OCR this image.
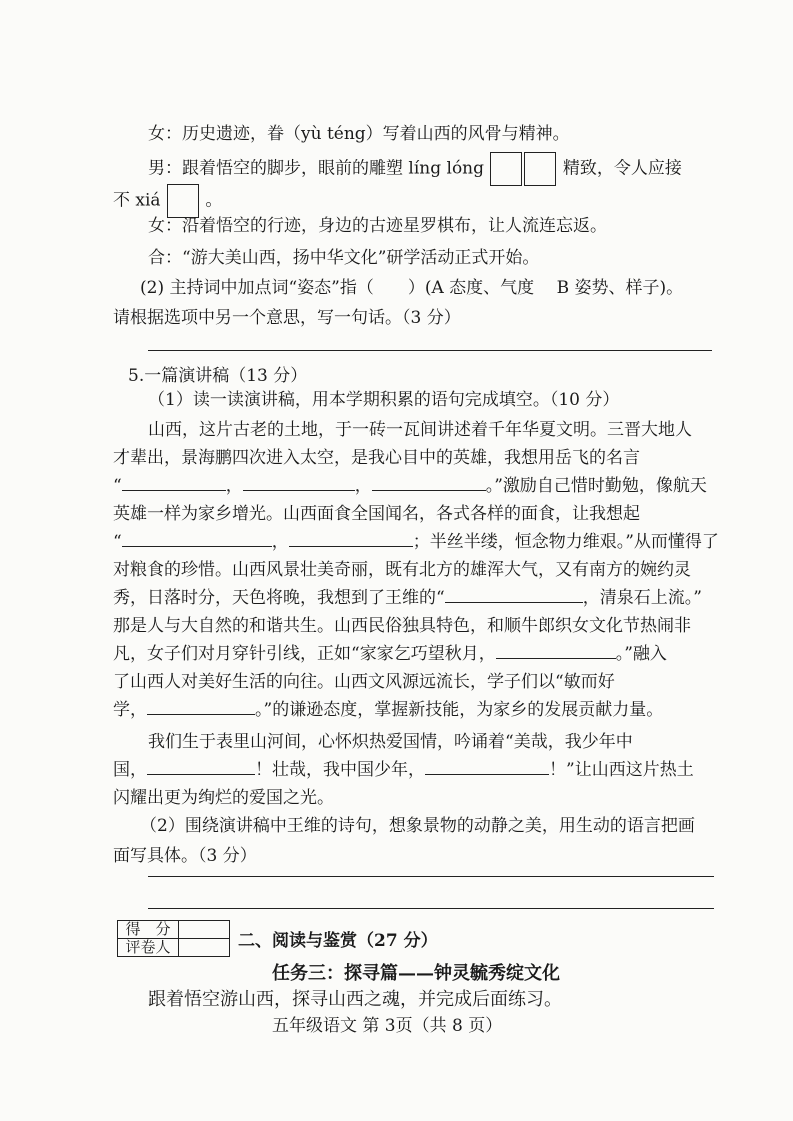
女：历史遗迹，眷（yù téng）写着山西的风骨与精神。
男：跟着悟空的脚步，眼前的雕塑 líng lóng	精致，令人应接
不 xiá	。
女：沿着悟空的行迹，身边的古迹星罗棋布，让人流连忘返。
合：“游大美山西，扬中华文化”研学活动正式开始。
(2) 主持词中加点词“姿态”指（　　）(A 态度、气度　 B 姿势、样子)。
请根据选项中另一个意思，写一句话。（3 分）
5.一篇演讲稿（13 分）
（1）读一读演讲稿，用本学期积累的语句完成填空。（10 分）
山西，这片古老的土地，于一砖一瓦间讲述着千年华夏文明。三晋大地人
才辈出，景海鹏四次进入太空，是我心目中的英雄，我想用岳飞的名言
“	，	，	。”激励自己惜时勤勉，像航天
英雄一样为家乡增光。山西面食全国闻名，各式各样的面食，让我想起
“	，	；半丝半缕，恒念物力维艰。”从而懂得了
对粮食的珍惜。山西风景壮美奇丽，既有北方的雄浑大气，又有南方的婉约灵
秀，日落时分，天色将晚，我想到了王维的“	，清泉石上流。”
那是人与大自然的和谐共生。山西民俗独具特色，和顺牛郎织女文化节热闹非
凡，女子们对月穿针引线，正如“家家乞巧望秋月，	。”融入
了山西人对美好生活的向往。山西文风源远流长，学子们以“敏而好
学，	。”的谦逊态度，掌握新技能，为家乡的发展贡献力量。
我们生于表里山河间，心怀炽热爱国情，吟诵着“美哉，我少年中
国，	！壮哉，我中国少年，	！”让山西这片热土
闪耀出更为绚烂的爱国之光。
（2）围绕演讲稿中王维的诗句，想象景物的动静之美，用生动的语言把画
面写具体。（3 分）
得　分	
评卷人		二、阅读与鉴赏（27 分）
任务三：探寻篇——钟灵毓秀绽文化
跟着悟空游山西，探寻山西之魂，并完成后面练习。
五年级语文 第 3页（共 8 页）
